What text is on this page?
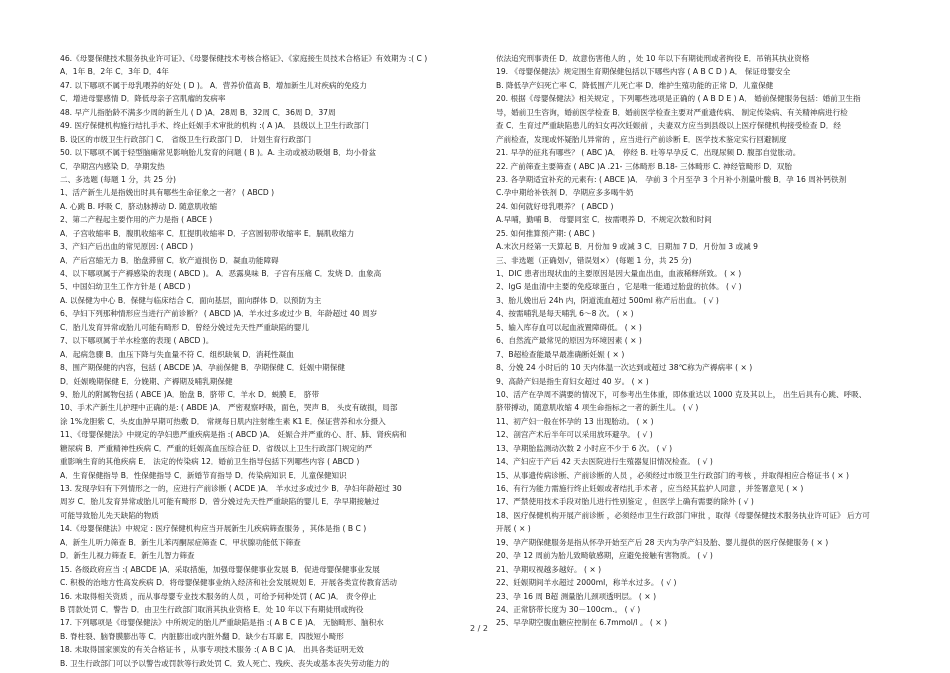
46.《母婴保健技术服务执业许可证》、《母婴保健技术考核合格证》、《家庭接生员技术合格证》有效期为 :( C )
A．1年 B．2年 C．3年 D．4年
47. 以下哪项不属于母乳喂养的好处 ( D )。 A．营养价值高 B．增加新生儿对疾病的免疫力
C．增进母婴感情 D．降低母亲子宫肌瘤的发病率
48. 早产儿指胎龄不满多少周的新生儿 ( D )A．28周 B．32周 C．36周 D．37周
49. 医疗保健机构施行结扎手术、终止妊娠手术审批的机构 :( A )A． 县级以上卫生行政部门
B. 设区的市级卫生行政部门 C． 省级卫生行政部门 D． 计划生育行政部门
50. 以下哪项不属于轻型脑瘫常见影响胎儿发育的问题 ( B )。A. 主动或被动吸烟 B．均小骨盆
C．孕期宫内感染 D．孕期发热
二、多选题 (每题 1 分，共 25 分)
1、活产新生儿是指娩出时具有哪些生命征象之一者？ ( ABCD )
A. 心跳 B. 呼吸 C．脐动脉搏动 D. 随意肌收缩
2、第二产程起主要作用的产力是指 ( ABCE )
A．子宫收缩率 B．腹肌收缩率 C．肛提肌收缩率 D．子宫圆韧带收缩率 E．膈肌收缩力
3、产妇产后出血的常见原因: ( ABCD )
A．产后宫缩无力 B．胎盘滞留 C．软产道损伤 D．凝血功能障碍
4、以下哪项属于产褥感染的表现 ( ABCD )。 A．恶露臭味 B．子宫有压痛 C．发烧 D．血象高
5、中国妇幼卫生工作方针是 ( ABCD )
A. 以保健为中心 B．保健与临床结合 C．面向基层，面向群体 D．以预防为主
6、孕妇下列那种情形应当进行产前诊断？ ( ABCD )A．羊水过多或过少 B．年龄超过 40 周岁
C．胎儿发育异常或胎儿可能有畸形 D．曾经分娩过先天性严重缺陷的婴儿
7、以下哪项属于羊水栓塞的表现 ( ABCD )。
A．起病急骤 B．血压下降与失血量不符 C．组织缺氧 D．消耗性凝血
8、围产期保健的内容，包括 ( ABCDE )A．孕前保健 B．孕期保健 C．妊娠中期保健
D．妊娠晚期保健 E．分娩期、产褥期及哺乳期保健
9、胎儿的附属物包括 ( ABCE )A．胎盘 B．脐带 C．羊水 D．蜕膜 E． 脐带
10、手术产新生儿护理中正确的是: ( ABDE )A． 严密观察呼吸，面色，哭声 B． 头皮有破损，局部
涂 1%龙胆紫 C．头皮血肿早期可热敷 D． 常规每日肌内注射维生素 K1 E．保证营养和水分摄入
11、《母婴保健法》中规定的孕妇患严重疾病是指 :( ABCD )A． 妊娠合并严重的心、肝、肺、肾疾病和
糖尿病 B．严重精神性疾病 C．严重的妊娠高血压综合征 D．省级以上卫生行政部门规定的严
重影响生育的其他疾病 E． 法定的传染病 12．婚前卫生指导包括下列哪些内容 ( ABCD )
A．生育保健指导 B．性保健指导 C．新婚节育指导 D．传染病知识 E．儿童保健知识
13. 发现孕妇有下列情形之一的，应进行产前诊断 ( ACDE )A． 羊水过多或过少 B．孕妇年龄超过 30
周岁 C．胎儿发育异常或胎儿可能有畸形 D．曾分娩过先天性严重缺陷的婴儿 E．孕早期接触过
可能导致胎儿先天缺陷的物质
14.《母婴保健法》中规定 : 医疗保健机构应当开展新生儿疾病筛查服务 ，其体是指 ( B C )
A．新生儿听力筛查 B．新生儿苯丙酮尿症筛查 C．甲状腺功能低下筛查
D．新生儿视力筛查 E．新生儿智力筛查
15. 各级政府应当 :( ABCDE )A．采取措施，加强母婴保健事业发展 B．促进母婴保健事业发展
C. 积极的治地方性高发疾病 D．将母婴保健事业纳入经济和社会发展规划 E．开展各类宣传教育活动
16. 未取得相关资质 ，而从事母婴专业技术服务的人员 ，可给予何种处罚 ( AC )A． 责令停止
B 罚款处罚 C．警告 D．由卫生行政部门取消其执业资格 E．处 10 年以下有期徒刑或拘役
17. 下列哪项是《母婴保健法》中所规定的胎儿严重缺陷是指 :( A B C E )A． 无脑畸形、脑积水
B. 脊柱裂、脑脊膜膨出等 C．内脏膨出或内脏外翻 D．缺少右耳廓 E．四肢短小畸形
18. 未取得国家颁发的有关合格证书 ，从事专项技术服务 :( A B C )A． 出具各类证明无效
B. 卫生行政部门可以予以警告或罚款等行政处罚 C．致人死亡、残疾、丧失或基本丧失劳动能力的
依法追究刑事责任 D．故意伤害他人的 ，处 10 年以下有期徒刑或者拘役 E．吊销其执业资格
19. 《母婴保健法》规定围生育期保健包括以下哪些内容 ( A B C D ) A． 保证母婴安全
B. 降低孕产妇死亡率 C．降低围产儿死亡率 D．维护生殖功能的正常 D．儿童保健
20. 根据《母婴保健法》相关规定 ，下列哪些选项是正确的 ( A B D E ) A． 婚前保健服务包括：婚前卫生指
导，婚前卫生咨询，婚前医学检查 B．婚前医学检查主要对严重遗传病、 制定传染病、有关精神病进行检
查 C．生育过严重缺陷患儿的妇女再次妊娠前 ，夫妻双方应当到县级以上医疗保健机构接受检查 D．经
产前检查，发现或怀疑胎儿异常的 ，应当进行产前诊断 E．医学技术鉴定实行回避制度
21. 早孕的征兆有哪些？ ( ABC )A． 停经 B. 吐等早孕反 C．出现尿频 D. 腹部自觉胀动。
22. 产前筛查主要筛查 ( ABC )A .21- 三体畸形 B.18- 三体畸形 C. 神经管畸形 D．双胎
23. 各孕期适宜补充的元素有: ( ABCE )A． 孕前 3 个月至孕 3 个月补小剂量叶酸 B．孕 16 周补钙铁剂
C.孕中期给补铁剂 D．孕期应多多喝牛奶
24. 如何就好母乳喂养？ ( ABCD )
A.早哺，勤哺 B． 母婴同室 C．按需喂养 D．不规定次数和时间
25. 如何推算预产期: ( ABC )
A.末次月经第一天算起 B．月份加 9 或减 3 C．日期加 7 D．月份加 3 或减 9
三、非选题（正确划√，错误划×） (每题 1 分，共 25 分)
1、DIC 患者出现状血的主要原因是因大量血出血，血液稀释所致。 ( × )
2、IgG 是血清中主要的免疫球蛋白 ，它是唯一能通过胎盘的抗体。 ( √ )
3、胎儿娩出后 24h 内，阴道流血超过 500ml 称产后出血。 ( √ )
4、按需哺乳是每天哺乳 6～8 次。 ( × )
5、输入库存血可以起血液置障碍低。 ( × )
6、自然流产最常见的原因为环境因素 ( × )
7、B超检查能最早最准确断妊娠 ( × )
8、分娩 24 小时后的 10 天内体温一次达到或超过 38℃称为产褥病率 ( × )
9、高龄产妇是指生育妇女超过 40 岁。 ( × )
10、活产在孕周不满要的情况下，可参考出生体重，即体重达以 1000 克及其以上， 出生后具有心跳、呼吸、
脐带搏动，随意肌收缩 4 项生命指标之一者的新生儿。 ( √ )
11、初产妇一般在怀孕的 13 出现胎动。 ( × )
12、剖宫产术后半年可以采用放环避孕。 ( √ )
13、孕期胎监测动次数 2 小时应不少于 6 次。 ( √ )
14、产妇应于产后 42 天去医院进行生殖器复旧情况检查。 ( √ )
15、从事遗传病诊断、产前诊断的人员 ，必须经过市级卫生行政部门的考核 ，并取得相应合格证书 ( × )
16、有行为能力需施行终止妊娠或者结扎手术者 ，应当经其监护人同意 ，并签署意见 ( × )
17、严禁使用技术手段对胎儿进行性别鉴定 ，但医学上确有需要的除外 ( √ )
18、医疗保健机构开展产前诊断 ，必须经市卫生行政部门审批 ，取得《母婴保健技术服务执业许可证》 后方可
开展 ( × )
19、孕产期保健服务是指从怀孕开始至产后 28 天内为孕产妇及胎、婴儿提供的医疗保健服务 ( × )
20、孕 12 周前为胎儿致畸敏感期，应避免接触有害物质。 ( √ )
21、孕期叹视越多越好。 ( × )
22、妊娠期间羊水超过 2000ml，称羊水过多。 ( √ )
23、孕 16 周 B超 测量胎儿颈项透明层。 ( × )
24、正常脐带长度为 30－100cm.。 ( √ )
25、早孕期空腹血糖应控制在 6.7mmol/l 。 ( × )
2 / 2
